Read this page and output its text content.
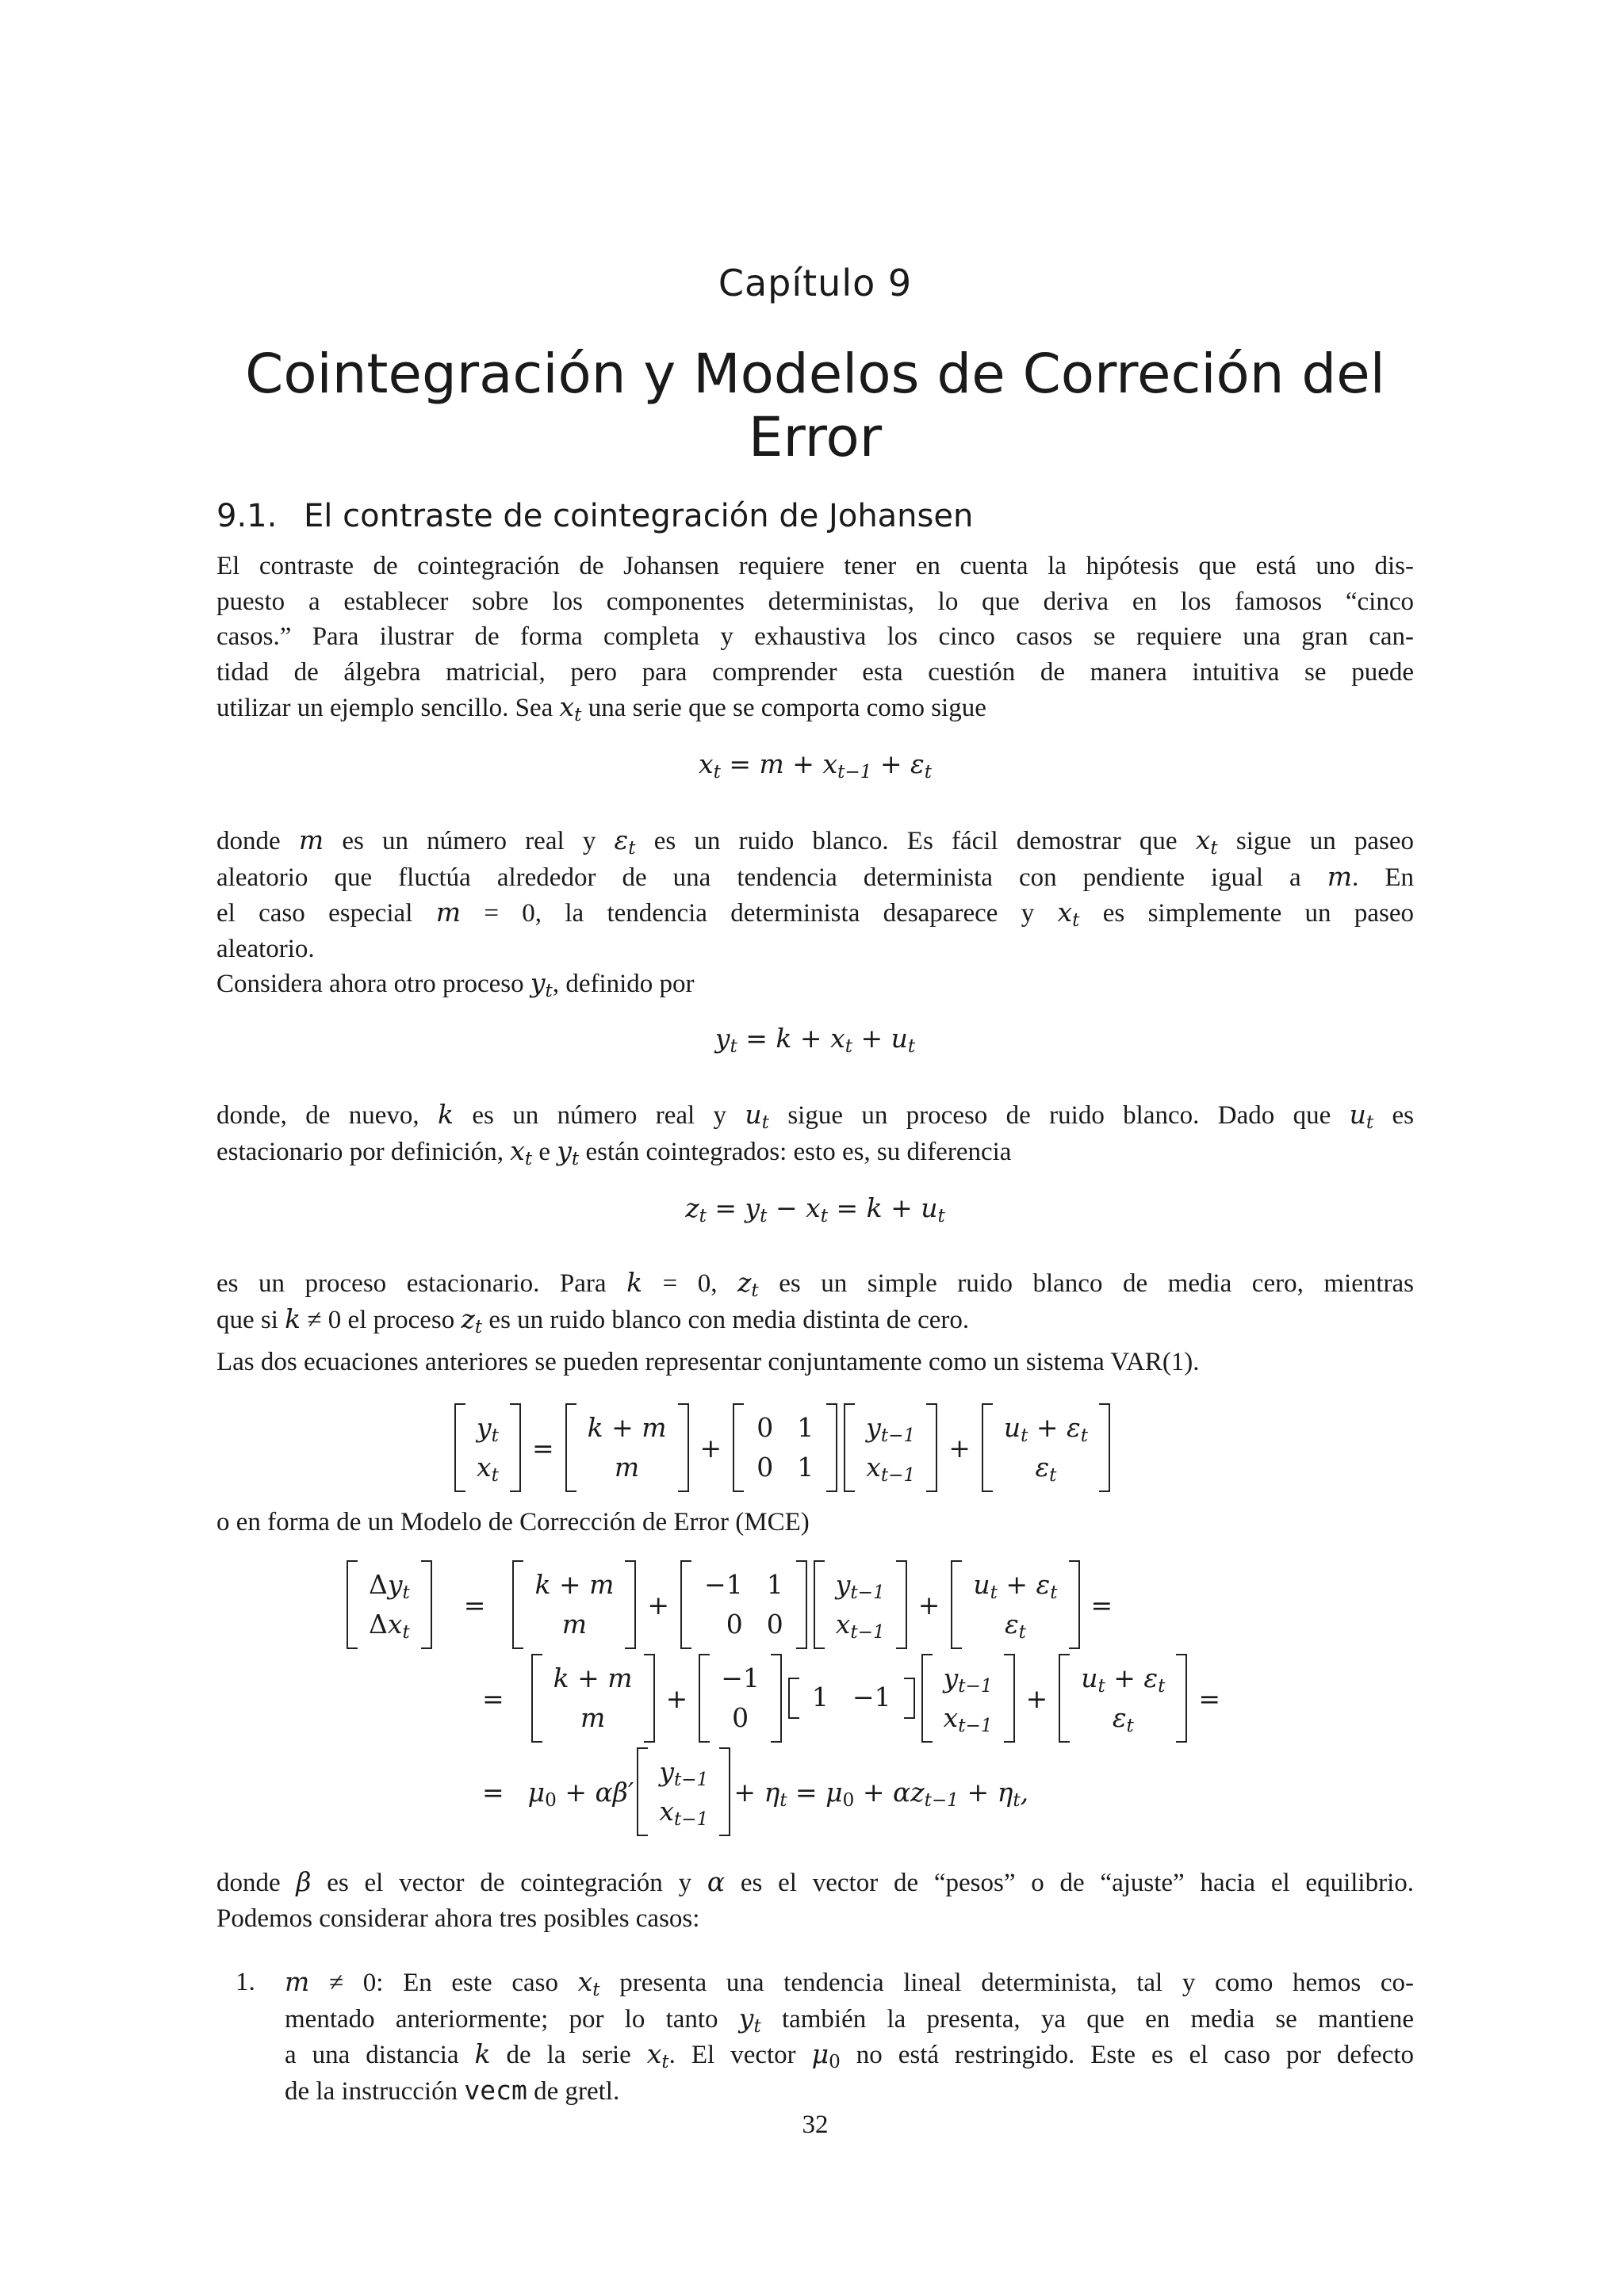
Capítulo 9
Cointegración y Modelos de Correción del Error
9.1. El contraste de cointegración de Johansen
El contraste de cointegración de Johansen requiere tener en cuenta la hipótesis que está uno dis-
puesto a establecer sobre los componentes deterministas, lo que deriva en los famosos “cinco
casos.” Para ilustrar de forma completa y exhaustiva los cinco casos se requiere una gran can-
tidad de álgebra matricial, pero para comprender esta cuestión de manera intuitiva se puede
utilizar un ejemplo sencillo. Sea $x_t$ una serie que se comporta como sigue
$x_t = m + x_{t-1} + \varepsilon_t$
donde m es un número real y $\varepsilon_t$ es un ruido blanco. Es fácil demostrar que $x_t$ sigue un paseo
aleatorio que fluctúa alrededor de una tendencia determinista con pendiente igual a m. En
el caso especial m = 0, la tendencia determinista desaparece y $x_t$ es simplemente un paseo
aleatorio.
Considera ahora otro proceso $y_t$, definido por
$y_t = k + x_t + u_t$
donde, de nuevo, k es un número real y $u_t$ sigue un proceso de ruido blanco. Dado que $u_t$ es
estacionario por definición, $x_t$ e $y_t$ están cointegrados: esto es, su diferencia
$z_t = y_t - x_t = k + u_t$
es un proceso estacionario. Para k = 0, $z_t$ es un simple ruido blanco de media cero, mientras
que si k ≠ 0 el proceso $z_t$ es un ruido blanco con media distinta de cero.
Las dos ecuaciones anteriores se pueden representar conjuntamente como un sistema VAR(1).
$y_t$
$x_t$
=
k + m
m
+
0 1
0 1
$y_{t-1}$
$x_{t-1}$
+
$u_t + \varepsilon_t$
$\varepsilon_t$
o en forma de un Modelo de Corrección de Error (MCE)
$\Delta y_t$
$\Delta x_t$
=
k + m
m
+
−1 1
0 0
$y_{t-1}$
$x_{t-1}$
+
$u_t + \varepsilon_t$
$\varepsilon_t$
=
=
k + m
m
+
−1
0
1 −1
$y_{t-1}$
$x_{t-1}$
+
$u_t + \varepsilon_t$
$\varepsilon_t$
=
= $\mu_0 + \alpha\beta'$
$y_{t-1}$
$x_{t-1}$
+ $\eta_t = \mu_0 + \alpha z_{t-1} + \eta_t$,
donde β es el vector de cointegración y α es el vector de “pesos” o de “ajuste” hacia el equilibrio.
Podemos considerar ahora tres posibles casos:
1. m ≠ 0: En este caso $x_t$ presenta una tendencia lineal determinista, tal y como hemos co-
mentado anteriormente; por lo tanto $y_t$ también la presenta, ya que en media se mantiene
a una distancia k de la serie $x_t$. El vector $\mu_0$ no está restringido. Este es el caso por defecto
de la instrucción vecm de gretl.
32
